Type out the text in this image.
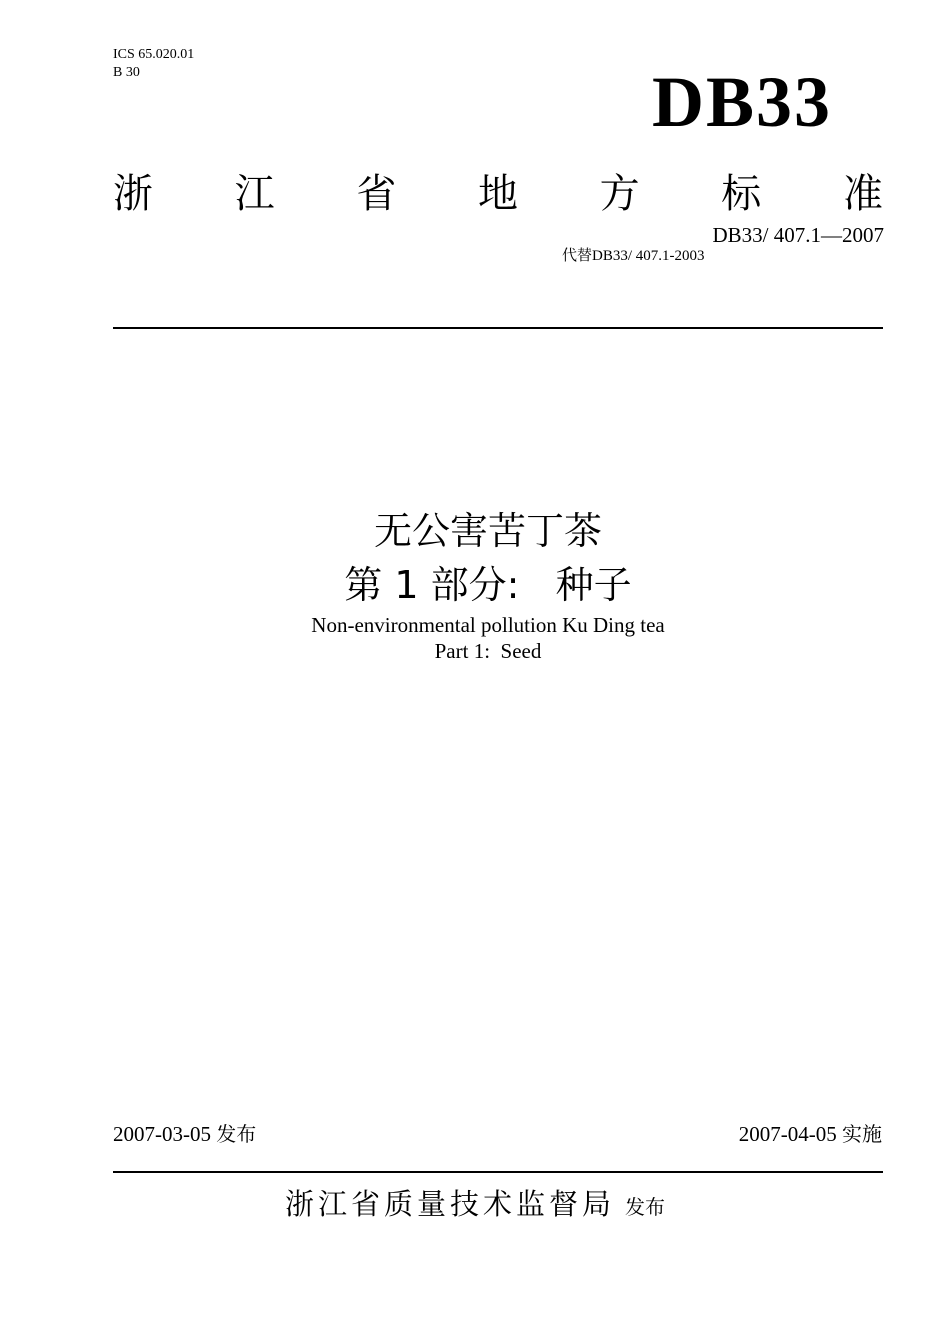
ICS 65.020.01
B 30	DB33
浙 江 省 地 方 标 准
DB33/ 407.1—2007
代替DB33/ 407.1-2003
无公害苦丁茶
第 1 部分:   种子
Non-environmental pollution Ku Ding tea
Part 1:  Seed
2007-03-05 发布	2007-04-05 实施
浙江省质量技术监督局 发布
